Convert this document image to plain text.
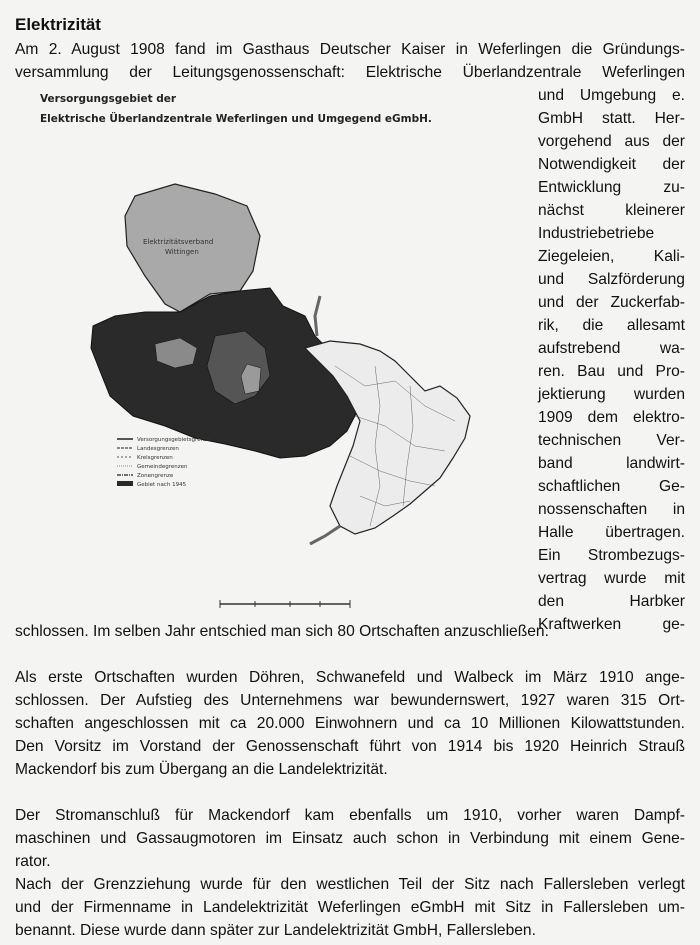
Elektrizität
Am 2. August 1908 fand im Gasthaus Deutscher Kaiser in Weferlingen die Gründungs-
versammlung der Leitungsgenossenschaft: Elektrische Überlandzentrale Weferlingen
Versorgungsgebiet der
Elektrische Überlandzentrale Weferlingen und Umgegend eGmbH.
Elektrizitätsverband
Wittingen
Versorgungsgebietsgrenze
Landesgrenzen
Kreisgrenzen
Gemeindegrenzen
Zonengrenze
Gebiet nach 1945
und Umgebung e.
GmbH statt. Her-
vorgehend aus der
Notwendigkeit der
Entwicklung zu-
nächst kleinerer
Industriebetriebe
Ziegeleien, Kali-
und Salzförderung
und der Zuckerfab-
rik, die allesamt
aufstrebend wa-
ren. Bau und Pro-
jektierung wurden
1909 dem elektro-
technischen Ver-
band landwirt-
schaftlichen Ge-
nossenschaften in
Halle übertragen.
Ein Strombezugs-
vertrag wurde mit
den Harbker
Kraftwerken ge-
schlossen. Im selben Jahr entschied man sich 80 Ortschaften anzuschließen.
Als erste Ortschaften wurden Döhren, Schwanefeld und Walbeck im März 1910 ange-
schlossen. Der Aufstieg des Unternehmens war bewundernswert, 1927 waren 315 Ort-
schaften angeschlossen mit ca 20.000 Einwohnern und ca 10 Millionen Kilowattstunden.
Den Vorsitz im Vorstand der Genossenschaft führt von 1914 bis 1920 Heinrich Strauß
Mackendorf bis zum Übergang an die Landelektrizität.
Der Stromanschluß für Mackendorf kam ebenfalls um 1910, vorher waren Dampf-
maschinen und Gassaugmotoren im Einsatz auch schon in Verbindung mit einem Gene-
rator.
Nach der Grenzziehung wurde für den westlichen Teil der Sitz nach Fallersleben verlegt
und der Firmenname in Landelektrizität Weferlingen eGmbH mit Sitz in Fallersleben um-
benannt. Diese wurde dann später zur Landelektrizität GmbH, Fallersleben.
